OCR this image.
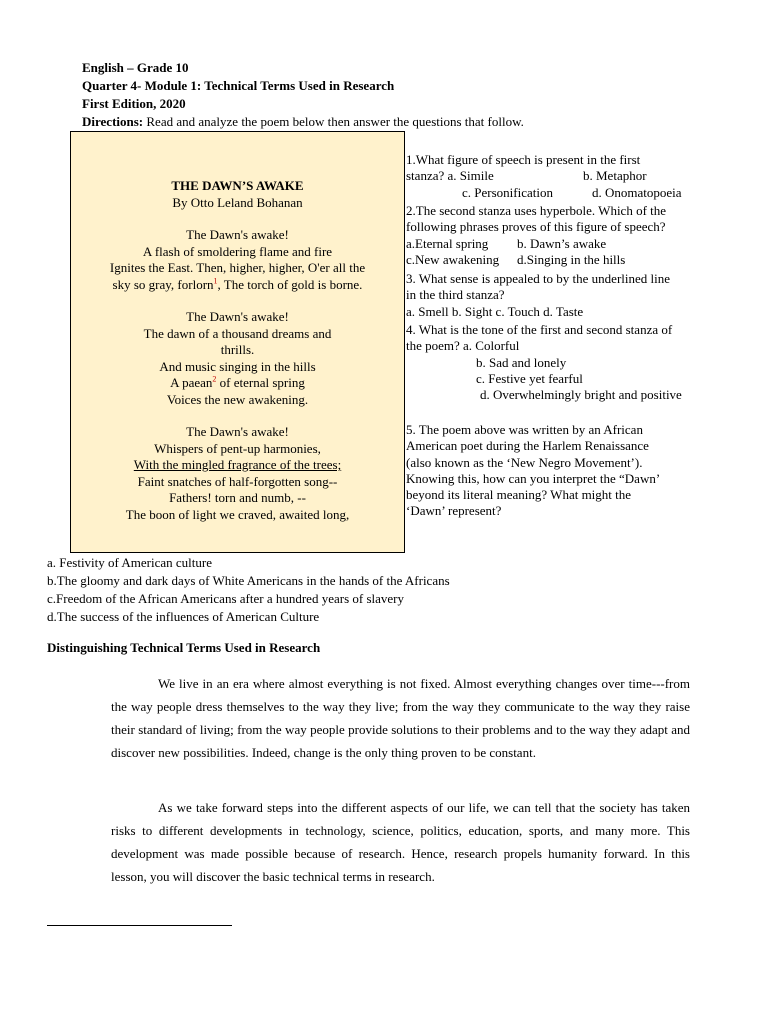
English – Grade 10
Quarter 4- Module 1: Technical Terms Used in Research
First Edition, 2020
Directions: Read and analyze the poem below then answer the questions that follow.
THE DAWN’S AWAKE
By Otto Leland Bohanan
The Dawn's awake!
A flash of smoldering flame and fire
Ignites the East. Then, higher, higher, O'er all the
sky so gray, forlorn$^1$, The torch of gold is borne.
The Dawn's awake!
The dawn of a thousand dreams and
thrills.
And music singing in the hills
A paean$^2$ of eternal spring
Voices the new awakening.
The Dawn's awake!
Whispers of pent-up harmonies,
With the mingled fragrance of the trees;
Faint snatches of half-forgotten song--
Fathers! torn and numb, --
The boon of light we craved, awaited long,
1.What figure of speech is present in the first
stanza? a. Simile	b. Metaphor
c. Personification	d. Onomatopoeia
2.The second stanza uses hyperbole. Which of the
following phrases proves of this figure of speech?
a.Eternal spring b. Dawn’s awake
c.New awakening d.Singing in the hills
3. What sense is appealed to by the underlined line
in the third stanza?
a. Smell b. Sight c. Touch d. Taste
4. What is the tone of the first and second stanza of
the poem? a. Colorful
b. Sad and lonely
c. Festive yet fearful
d. Overwhelmingly bright and positive
5. The poem above was written by an African
American poet during the Harlem Renaissance
(also known as the ‘New Negro Movement’).
Knowing this, how can you interpret the “Dawn’
beyond its literal meaning? What might the
‘Dawn’ represent?
a. Festivity of American culture
b.The gloomy and dark days of White Americans in the hands of the Africans
c.Freedom of the African Americans after a hundred years of slavery
d.The success of the influences of American Culture
Distinguishing Technical Terms Used in Research
We live in an era where almost everything is not fixed. Almost everything changes over time---from the way people dress themselves to the way they live; from the way they communicate to the way they raise their standard of living; from the way people provide solutions to their problems and to the way they adapt and discover new possibilities. Indeed, change is the only thing proven to be constant.
As we take forward steps into the different aspects of our life, we can tell that the society has taken risks to different developments in technology, science, politics, education, sports, and many more. This development was made possible because of research. Hence, research propels humanity forward. In this lesson, you will discover the basic technical terms in research.
